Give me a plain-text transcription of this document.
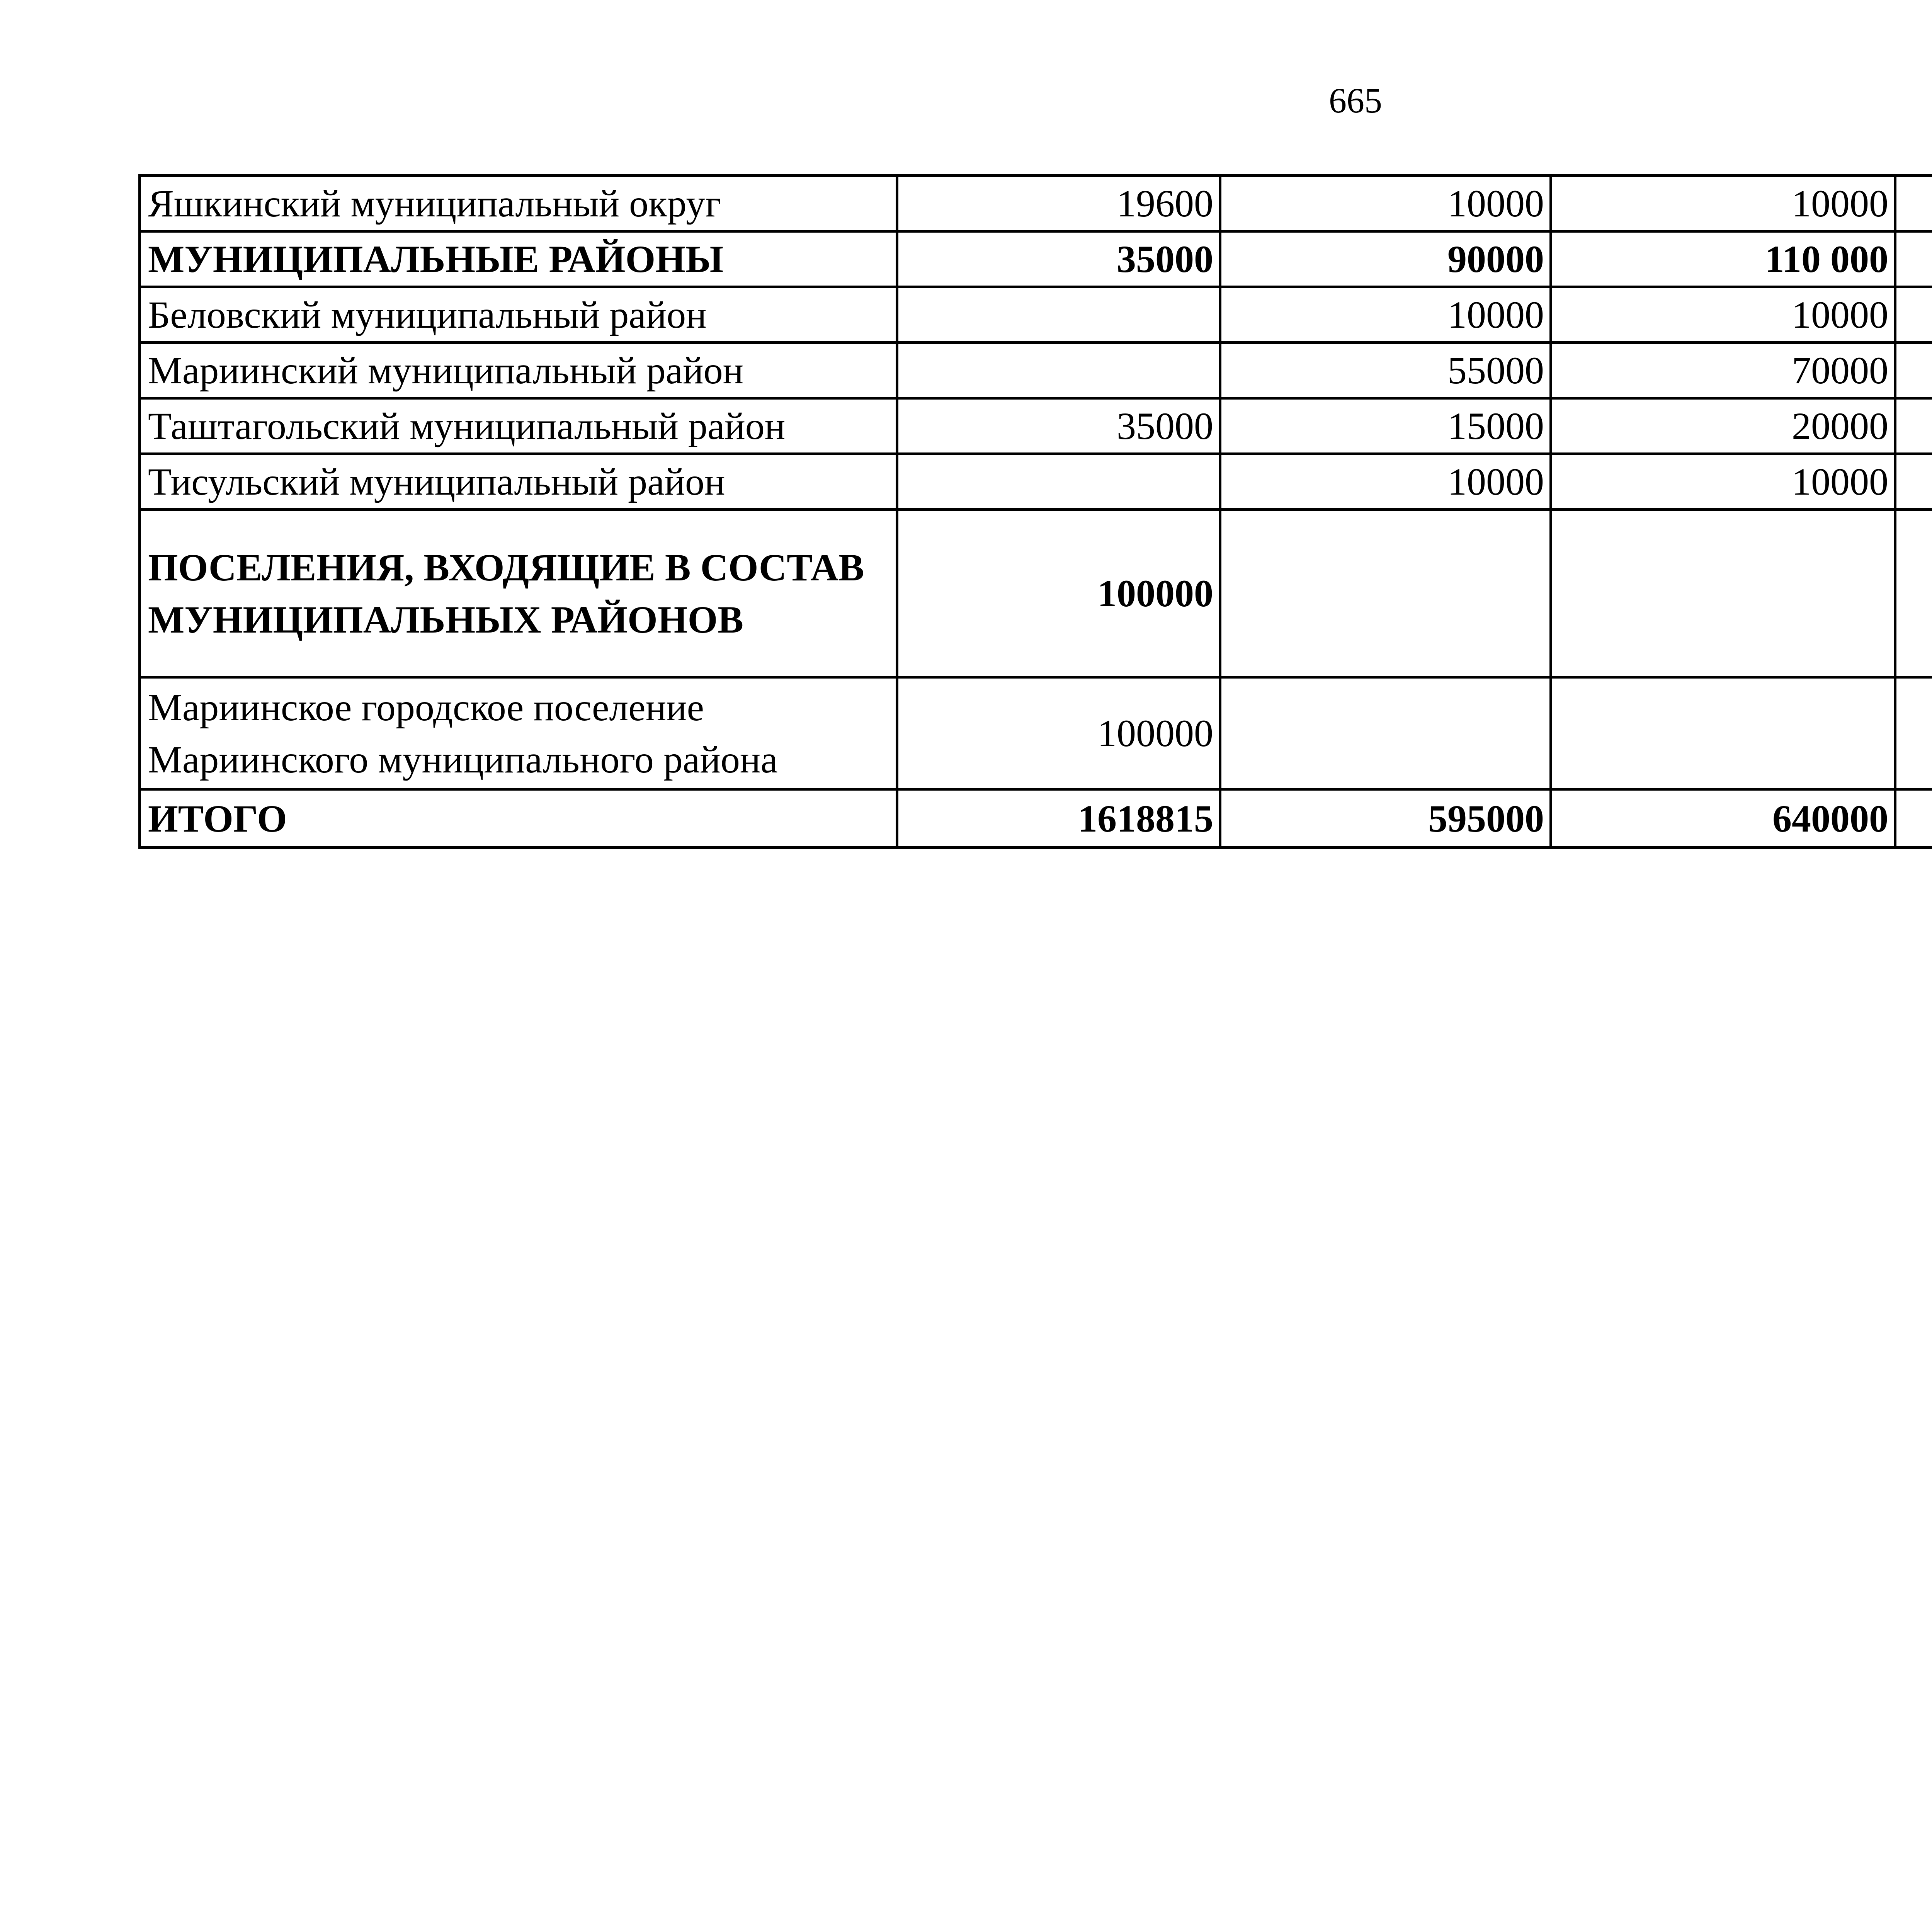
665
Яшкинский муниципальный округ	19600	10000	10000			
МУНИЦИПАЛЬНЫЕ РАЙОНЫ	35000	90000	110 000			
Беловский муниципальный район		10000	10000			
Мариинский муниципальный район		55000	70000			
Таштагольский муниципальный район	35000	15000	20000			
Тисульский муниципальный район		10000	10000			
ПОСЕЛЕНИЯ, ВХОДЯЩИЕ В СОСТАВ МУНИЦИПАЛЬНЫХ РАЙОНОВ	100000					
Мариинское городское поселение Мариинского муниципального района	100000					
ИТОГО	1618815	595000	640000			
